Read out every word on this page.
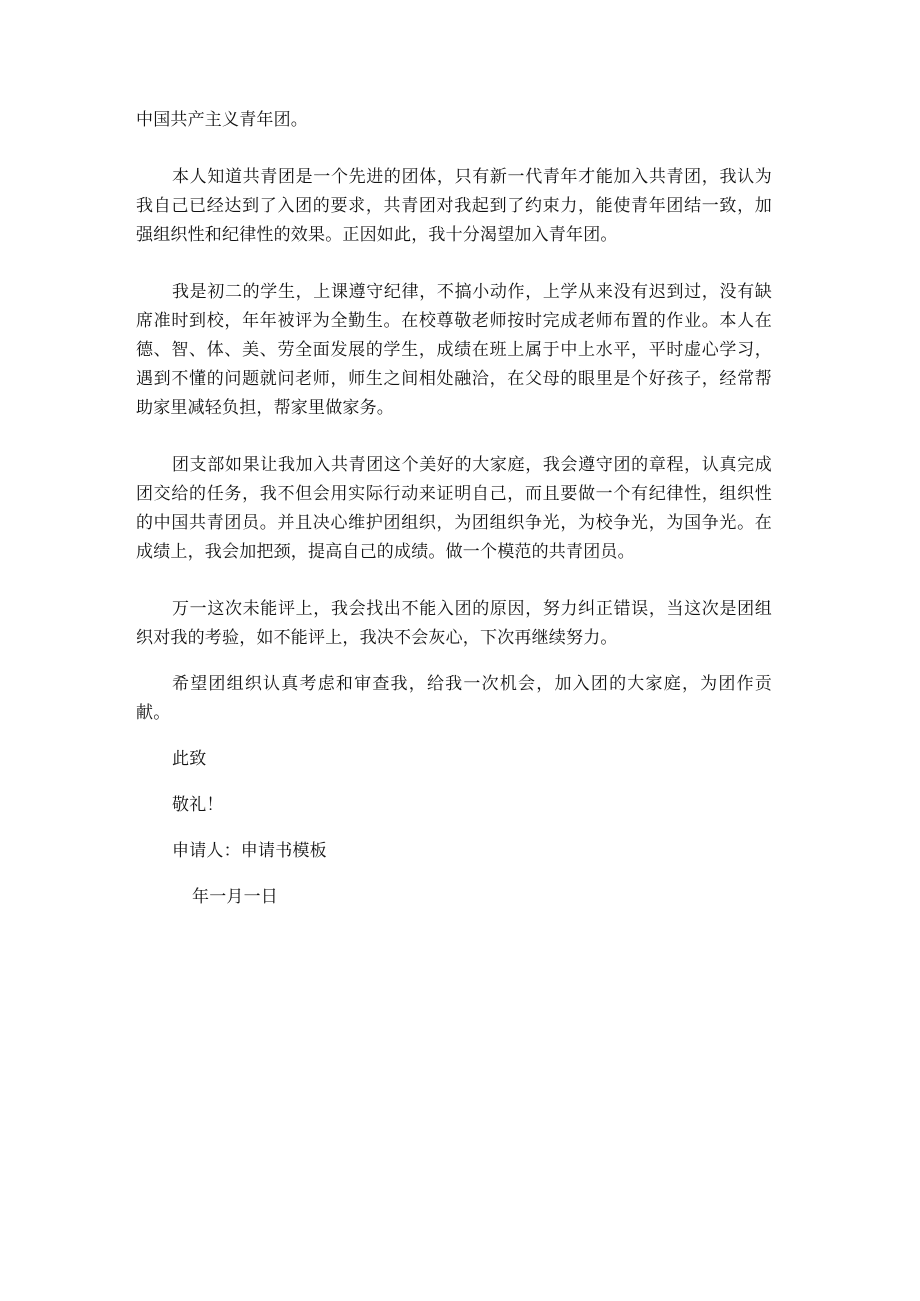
中国共产主义青年团。

本人知道共青团是一个先进的团体，只有新一代青年才能加入共青团，我认为我自己已经达到了入团的要求，共青团对我起到了约束力，能使青年团结一致，加强组织性和纪律性的效果。正因如此，我十分渴望加入青年团。

我是初二的学生，上课遵守纪律，不搞小动作，上学从来没有迟到过，没有缺席准时到校，年年被评为全勤生。在校尊敬老师按时完成老师布置的作业。本人在德、智、体、美、劳全面发展的学生，成绩在班上属于中上水平，平时虚心学习，遇到不懂的问题就问老师，师生之间相处融洽，在父母的眼里是个好孩子，经常帮助家里减轻负担，帮家里做家务。

团支部如果让我加入共青团这个美好的大家庭，我会遵守团的章程，认真完成团交给的任务，我不但会用实际行动来证明自己，而且要做一个有纪律性，组织性的中国共青团员。并且决心维护团组织，为团组织争光，为校争光，为国争光。在成绩上，我会加把颈，提高自己的成绩。做一个模范的共青团员。

万一这次未能评上，我会找出不能入团的原因，努力纠正错误，当这次是团组织对我的考验，如不能评上，我决不会灰心，下次再继续努力。

希望团组织认真考虑和审查我，给我一次机会，加入团的大家庭，为团作贡献。

此致

敬礼！

申请人：申请书模板

年一月一日
